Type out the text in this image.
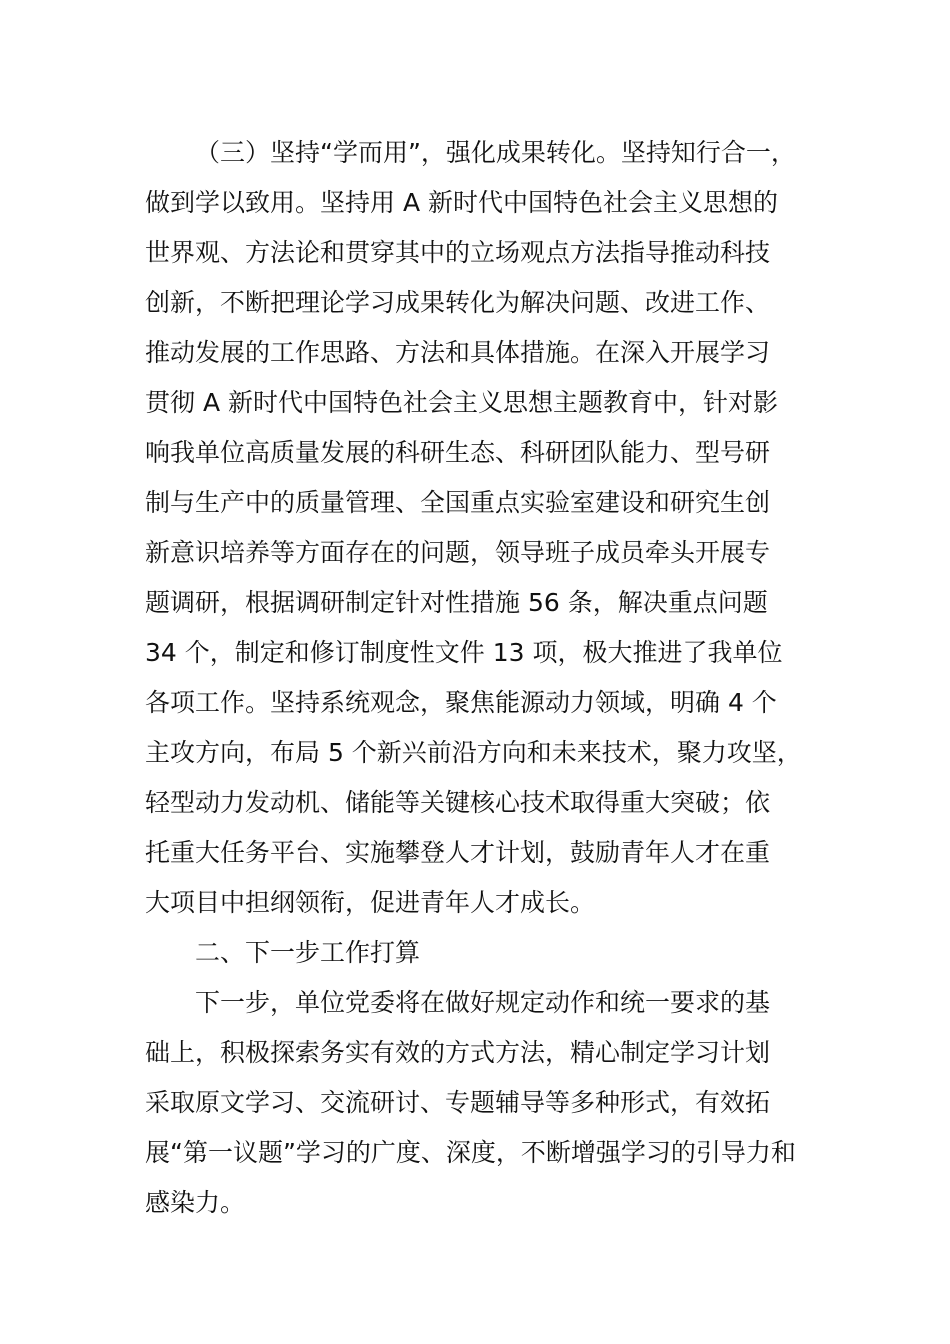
（三）坚持“学而用”，强化成果转化。坚持知行合一，
做到学以致用。坚持用 A 新时代中国特色社会主义思想的
世界观、方法论和贯穿其中的立场观点方法指导推动科技
创新，不断把理论学习成果转化为解决问题、改进工作、
推动发展的工作思路、方法和具体措施。在深入开展学习
贯彻 A 新时代中国特色社会主义思想主题教育中，针对影
响我单位高质量发展的科研生态、科研团队能力、型号研
制与生产中的质量管理、全国重点实验室建设和研究生创
新意识培养等方面存在的问题，领导班子成员牵头开展专
题调研，根据调研制定针对性措施 56 条，解决重点问题
34 个，制定和修订制度性文件 13 项，极大推进了我单位
各项工作。坚持系统观念，聚焦能源动力领域，明确 4 个
主攻方向，布局 5 个新兴前沿方向和未来技术，聚力攻坚，
轻型动力发动机、储能等关键核心技术取得重大突破；依
托重大任务平台、实施攀登人才计划，鼓励青年人才在重
大项目中担纲领衔，促进青年人才成长。
二、下一步工作打算
下一步，单位党委将在做好规定动作和统一要求的基
础上，积极探索务实有效的方式方法，精心制定学习计划
采取原文学习、交流研讨、专题辅导等多种形式，有效拓
展“第一议题”学习的广度、深度，不断增强学习的引导力和
感染力。
